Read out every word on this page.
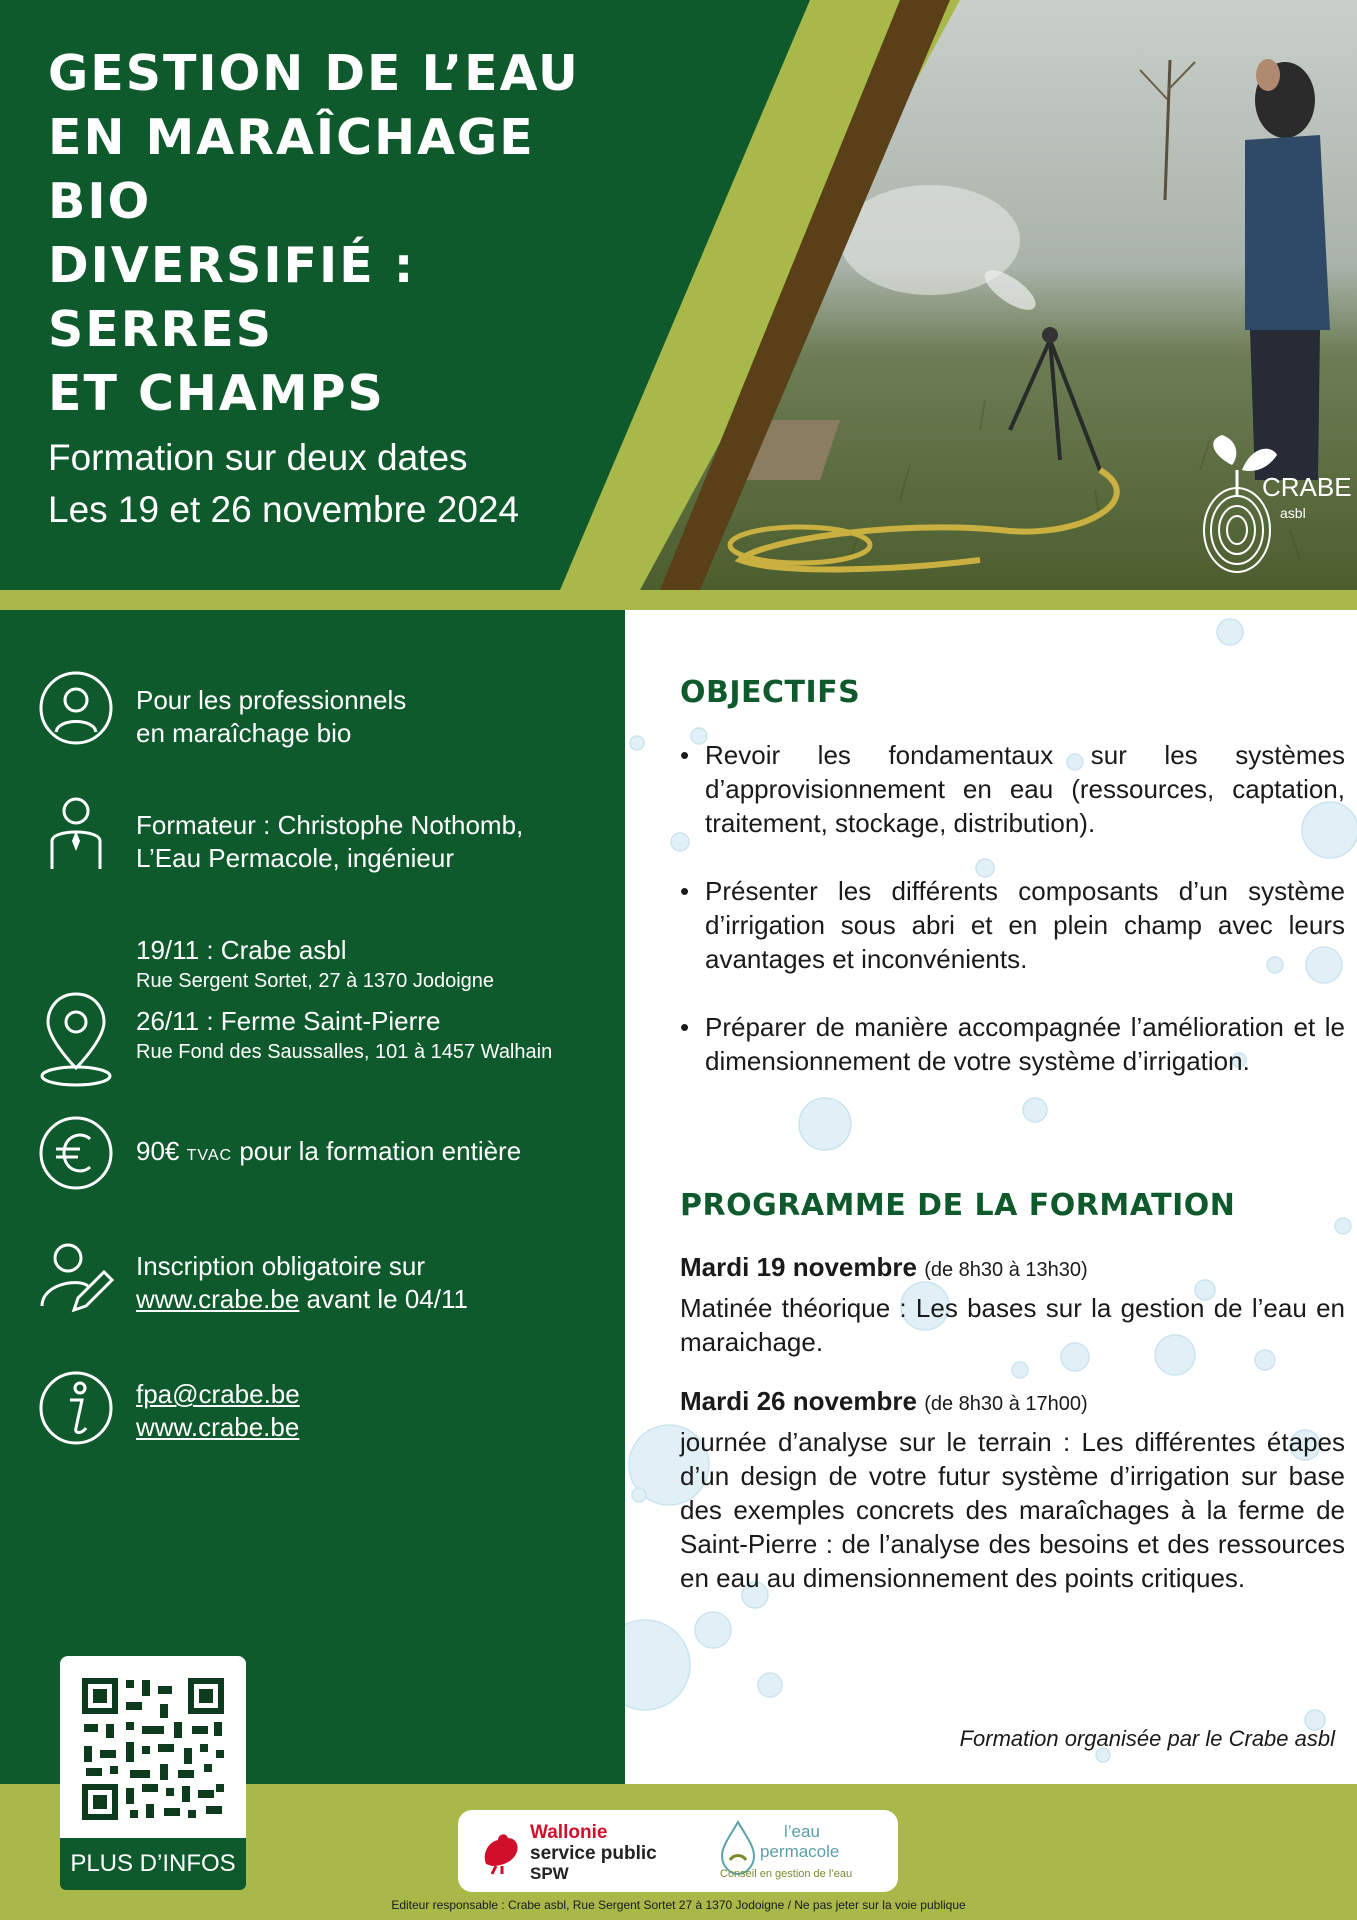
GESTION DE L’EAU
EN MARAÎCHAGE BIO
DIVERSIFIÉ : SERRES
ET CHAMPS
Formation sur deux dates
Les 19 et 26 novembre 2024
CRABE
asbl
Pour les professionnels
en maraîchage bio
Formateur : Christophe Nothomb,
L’Eau Permacole, ingénieur
19/11 : Crabe asbl
Rue Sergent Sortet, 27 à 1370 Jodoigne
26/11 : Ferme Saint-Pierre
Rue Fond des Saussalles, 101 à 1457 Walhain
90€ TVAC pour la formation entière
Inscription obligatoire sur
www.crabe.be avant le 04/11
fpa@crabe.be
www.crabe.be
OBJECTIFS
• Revoir les fondamentaux sur les systèmes d’approvisionnement en eau (ressources, captation, traitement, stockage, distribution).
• Présenter les différents composants d’un système d’irrigation sous abri et en plein champ avec leurs avantages et inconvénients.
• Préparer de manière accompagnée l’amélioration et le dimensionnement de votre système d’irrigation.
PROGRAMME DE LA FORMATION
Mardi 19 novembre (de 8h30 à 13h30)
Matinée théorique : Les bases sur la gestion de l’eau en maraichage.
Mardi 26 novembre (de 8h30 à 17h00)
journée d’analyse sur le terrain : Les différentes étapes d’un design de votre futur système d’irrigation sur base des exemples concrets des maraîchages à la ferme de Saint-Pierre : de l’analyse des besoins et des ressources en eau au dimensionnement des points critiques.
Formation organisée par le Crabe asbl
PLUS D’INFOS
Wallonie
service public
SPW
l’eau
permacole
Conseil en gestion de l’eau
Editeur responsable : Crabe asbl, Rue Sergent Sortet 27 à 1370 Jodoigne / Ne pas jeter sur la voie publique
